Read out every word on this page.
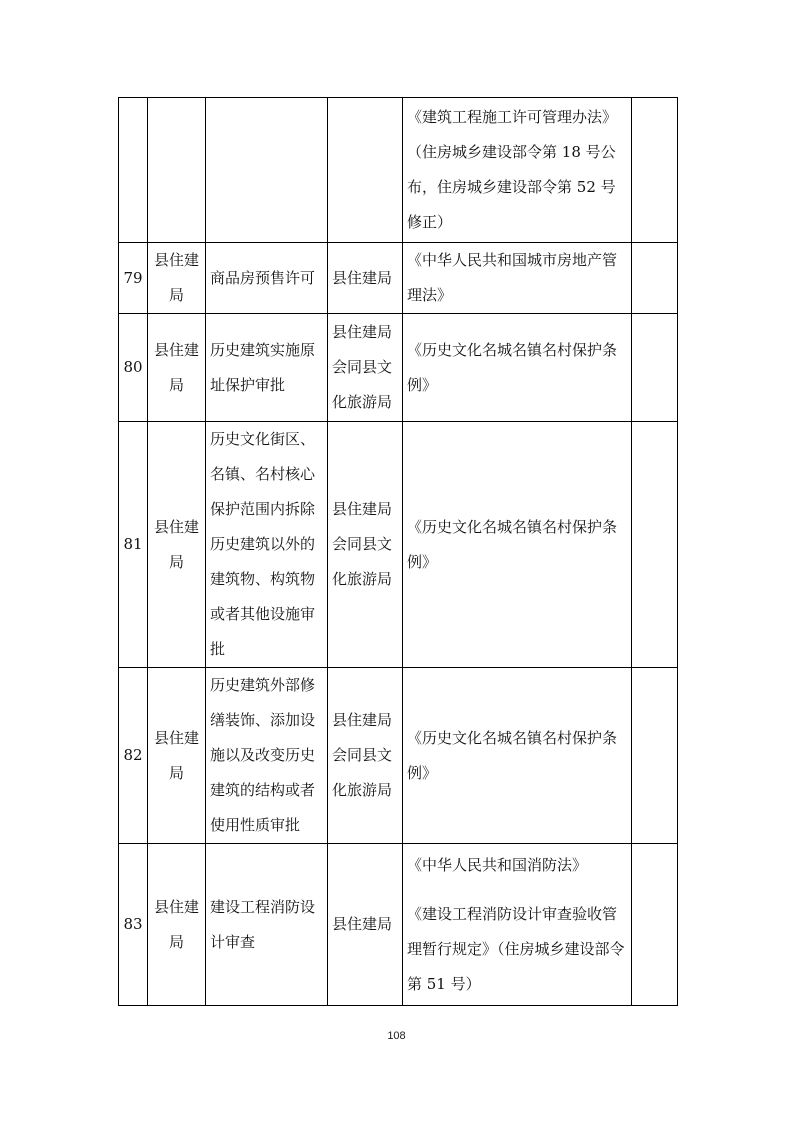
				《建筑工程施工许可管理办法》（住房城乡建设部令第 18 号公布，住房城乡建设部令第 52 号修正）	

79	县住建局	商品房预售许可	县住建局	《中华人民共和国城市房地产管理法》	

80	县住建局	历史建筑实施原址保护审批	县住建局会同县文化旅游局	《历史文化名城名镇名村保护条例》	

81	县住建局	历史文化街区、名镇、名村核心保护范围内拆除历史建筑以外的建筑物、构筑物或者其他设施审批	县住建局会同县文化旅游局	《历史文化名城名镇名村保护条例》	

82	县住建局	历史建筑外部修缮装饰、添加设施以及改变历史建筑的结构或者使用性质审批	县住建局会同县文化旅游局	《历史文化名城名镇名村保护条例》	

83	县住建局	建设工程消防设计审查	县住建局	《中华人民共和国消防法》
《建设工程消防设计审查验收管理暂行规定》（住房城乡建设部令第 51 号）	

108
